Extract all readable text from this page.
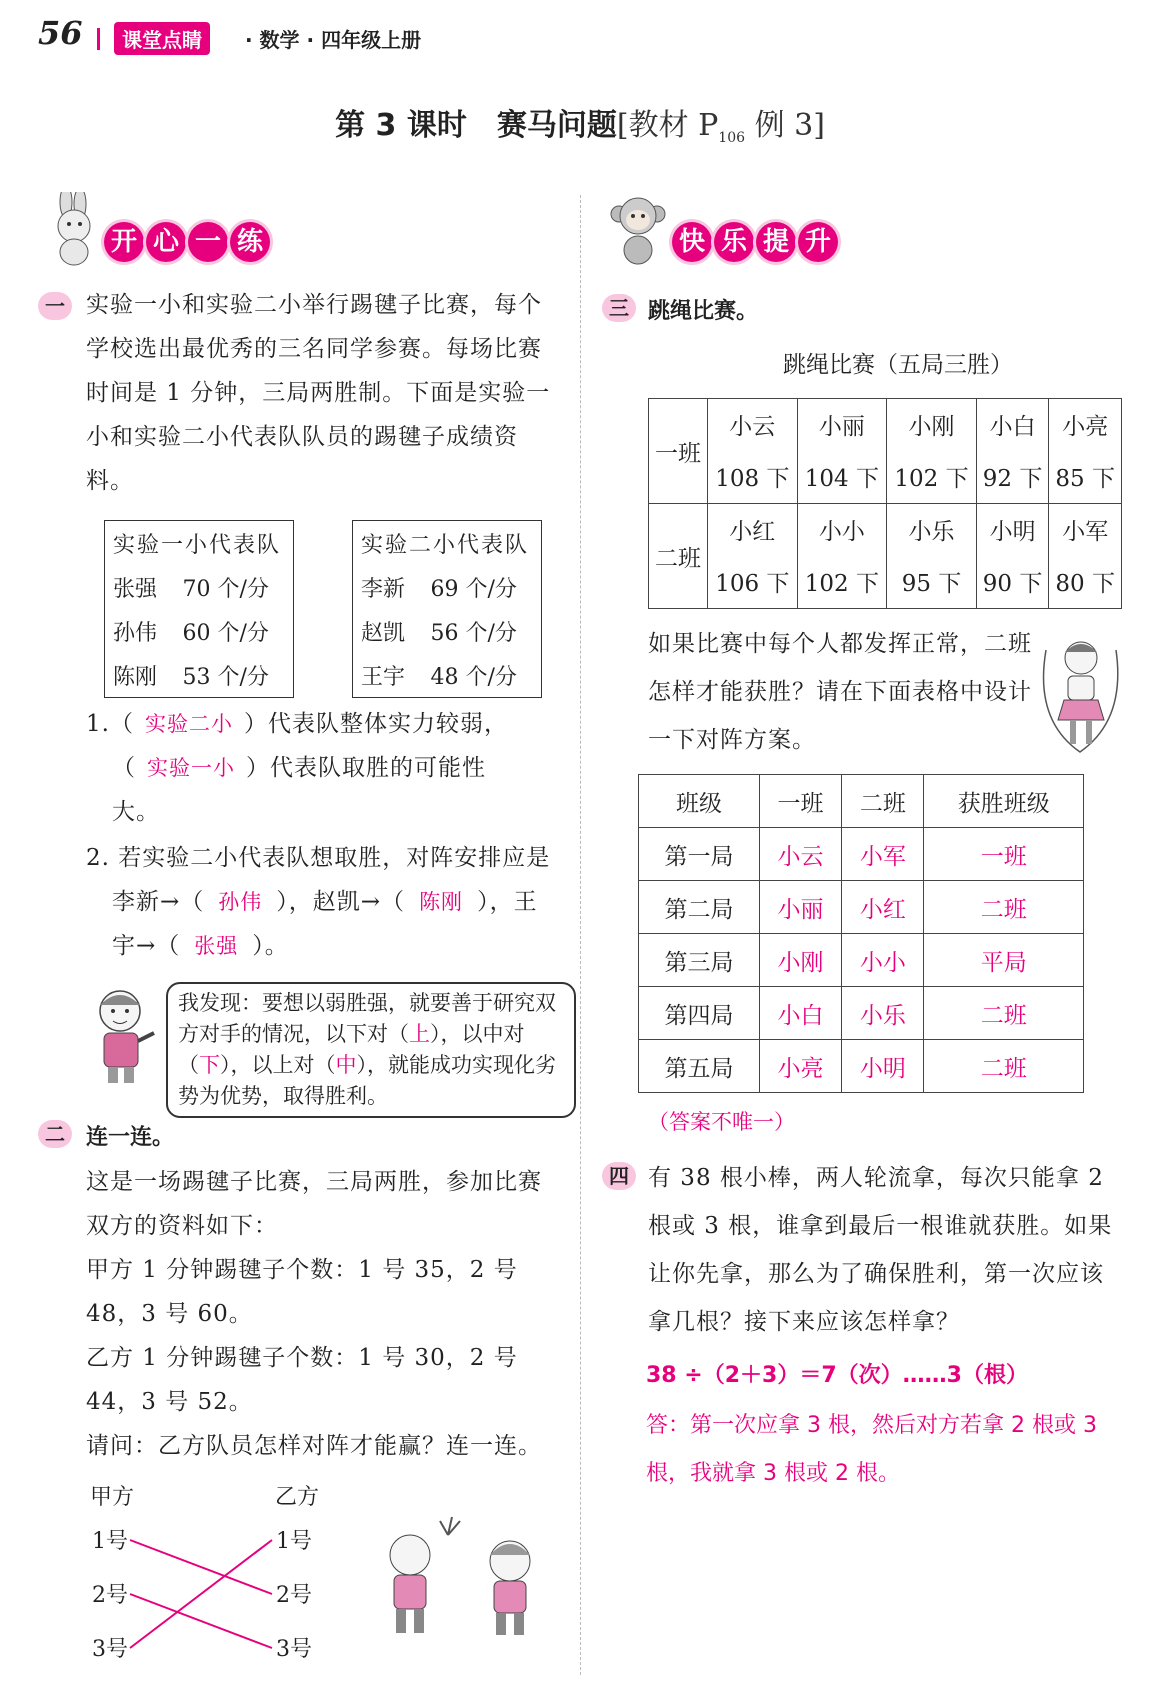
56	课堂点睛	· 数学 · 四年级上册
第 3 课时　赛马问题[教材 $P_{106}$ 例 3]
开 心 一 练
一 实验一小和实验二小举行踢毽子比赛，每个学校选出最优秀的三名同学参赛。每场比赛时间是 1 分钟，三局两胜制。下面是实验一小和实验二小代表队队员的踢毽子成绩资料。
实验一小代表队	
张强	70 个/分
孙伟	60 个/分
陈刚	53 个/分
实验二小代表队	
李新	69 个/分
赵凯	56 个/分
王宇	48 个/分
1.（ 实验二小 ）代表队整体实力较弱，
（ 实验一小 ）代表队取胜的可能性
大。
2. 若实验二小代表队想取胜，对阵安排应是
李新→（ 孙伟 ），赵凯→（ 陈刚 ），王
宇→（ 张强 ）。
我发现：要想以弱胜强，就要善于研究双方对手的情况，以下对（上），以中对（下），以上对（中），就能成功实现化劣势为优势，取得胜利。
二 连一连。
这是一场踢毽子比赛，三局两胜，参加比赛双方的资料如下：
甲方 1 分钟踢毽子个数：1 号 35，2 号 48，3 号 60。
乙方 1 分钟踢毽子个数：1 号 30，2 号 44，3 号 52。
请问：乙方队员怎样对阵才能赢？连一连。
甲方	乙方
1号
2号
3号
1号
2号
3号
快 乐 提 升
三 跳绳比赛。
跳绳比赛（五局三胜）
一班	小云	小丽	小刚	小白	小亮
	108 下	104 下	102 下	92 下	85 下
二班	小红	小小	小乐	小明	小军
	106 下	102 下	95 下	90 下	80 下
如果比赛中每个人都发挥正常，二班怎样才能获胜？请在下面表格中设计一下对阵方案。
班级	一班	二班	获胜班级
第一局	小云	小军	一班
第二局	小丽	小红	二班
第三局	小刚	小小	平局
第四局	小白	小乐	二班
第五局	小亮	小明	二班
（答案不唯一）
四 有 38 根小棒，两人轮流拿，每次只能拿 2 根或 3 根，谁拿到最后一根谁就获胜。如果让你先拿，那么为了确保胜利，第一次应该拿几根？接下来应该怎样拿？
38 ÷（2＋3）＝7（次）……3（根）
答：第一次应拿 3 根，然后对方若拿 2 根或 3 根，我就拿 3 根或 2 根。
